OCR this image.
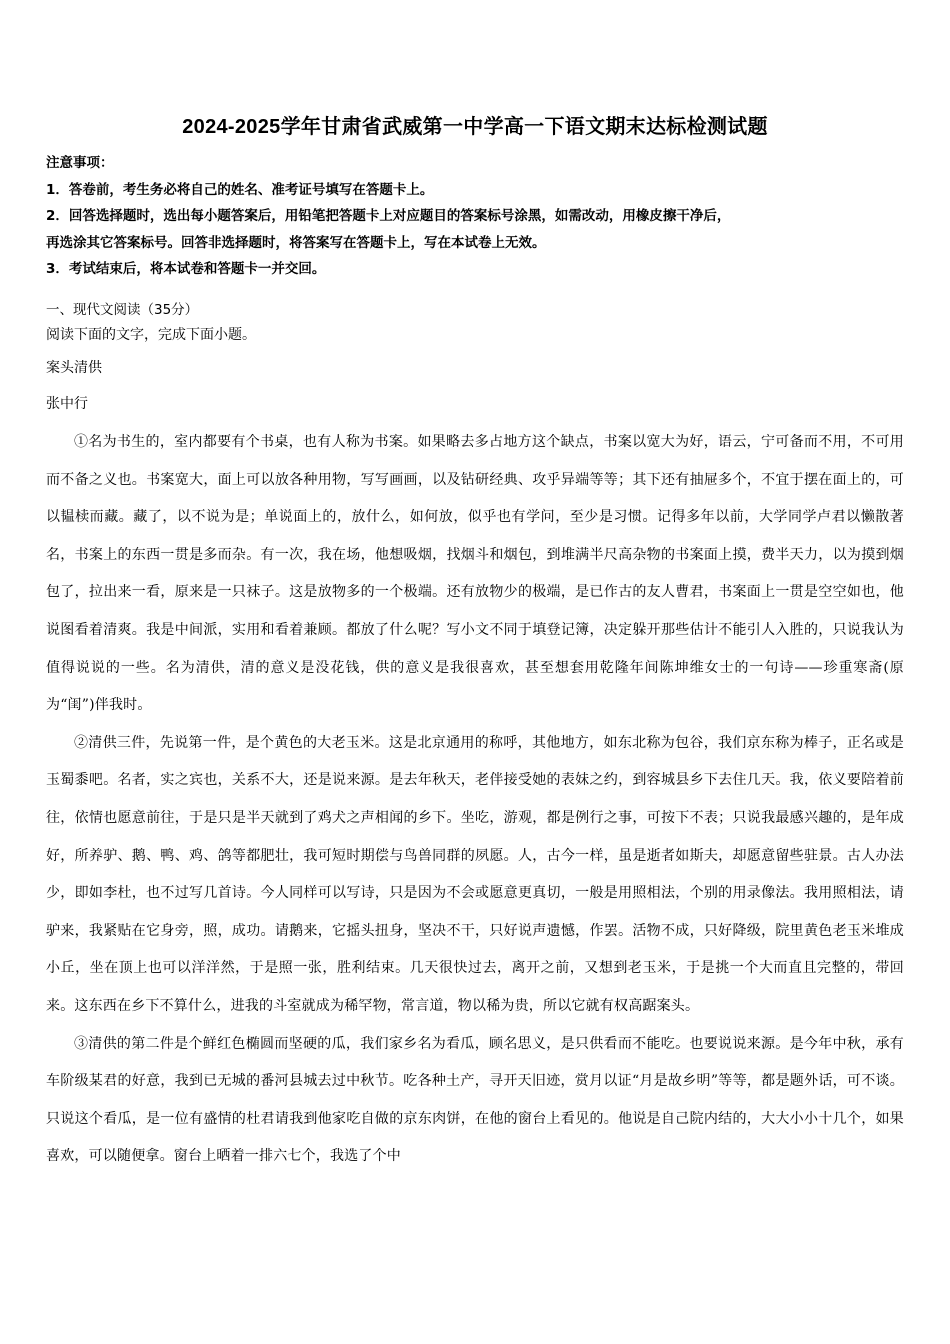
2024-2025学年甘肃省武威第一中学高一下语文期末达标检测试题
注意事项：
1．答卷前，考生务必将自己的姓名、准考证号填写在答题卡上。
2．回答选择题时，选出每小题答案后，用铅笔把答题卡上对应题目的答案标号涂黑，如需改动，用橡皮擦干净后，
再选涂其它答案标号。回答非选择题时，将答案写在答题卡上，写在本试卷上无效。
3．考试结束后，将本试卷和答题卡一并交回。
一、现代文阅读（35分）
阅读下面的文字，完成下面小题。
案头清供
张中行

①名为书生的，室内都要有个书桌，也有人称为书案。如果略去多占地方这个缺点，书案以宽大为好，语云，宁可备而不用，不可用而不备之义也。书案宽大，面上可以放各种用物，写写画画，以及钻研经典、攻乎异端等等；其下还有抽屉多个，不宜于摆在面上的，可以韫椟而藏。藏了，以不说为是；单说面上的，放什么，如何放，似乎也有学问，至少是习惯。记得多年以前，大学同学卢君以懒散著名，书案上的东西一贯是多而杂。有一次，我在场，他想吸烟，找烟斗和烟包，到堆满半尺高杂物的书案面上摸，费半天力，以为摸到烟包了，拉出来一看，原来是一只袜子。这是放物多的一个极端。还有放物少的极端，是已作古的友人曹君，书案面上一贯是空空如也，他说图看着清爽。我是中间派，实用和看着兼顾。都放了什么呢？写小文不同于填登记簿，决定躲开那些估计不能引人入胜的，只说我认为值得说说的一些。名为清供，清的意义是没花钱，供的意义是我很喜欢，甚至想套用乾隆年间陈坤维女士的一句诗——珍重寒斋(原为“闺”)伴我时。

②清供三件，先说第一件，是个黄色的大老玉米。这是北京通用的称呼，其他地方，如东北称为包谷，我们京东称为棒子，正名或是玉蜀黍吧。名者，实之宾也，关系不大，还是说来源。是去年秋天，老伴接受她的表妹之约，到容城县乡下去住几天。我，依义要陪着前往，依情也愿意前往，于是只是半天就到了鸡犬之声相闻的乡下。坐吃，游观，都是例行之事，可按下不表；只说我最感兴趣的，是年成好，所养驴、鹅、鸭、鸡、鸽等都肥壮，我可短时期偿与鸟兽同群的夙愿。人，古今一样，虽是逝者如斯夫，却愿意留些驻景。古人办法少，即如李杜，也不过写几首诗。今人同样可以写诗，只是因为不会或愿意更真切，一般是用照相法，个别的用录像法。我用照相法，请驴来，我紧贴在它身旁，照，成功。请鹅来，它摇头扭身，坚决不干，只好说声遗憾，作罢。活物不成，只好降级，院里黄色老玉米堆成小丘，坐在顶上也可以洋洋然，于是照一张，胜利结束。几天很快过去，离开之前，又想到老玉米，于是挑一个大而直且完整的，带回来。这东西在乡下不算什么，进我的斗室就成为稀罕物，常言道，物以稀为贵，所以它就有权高踞案头。

③清供的第二件是个鲜红色椭圆而坚硬的瓜，我们家乡名为看瓜，顾名思义，是只供看而不能吃。也要说说来源。是今年中秋，承有车阶级某君的好意，我到已无城的番河县城去过中秋节。吃各种土产，寻开天旧迹，赏月以证“月是故乡明”等等，都是题外话，可不谈。只说这个看瓜，是一位有盛情的杜君请我到他家吃自做的京东肉饼，在他的窗台上看见的。他说是自己院内结的，大大小小十几个，如果喜欢，可以随便拿。窗台上晒着一排六七个，我选了个中
